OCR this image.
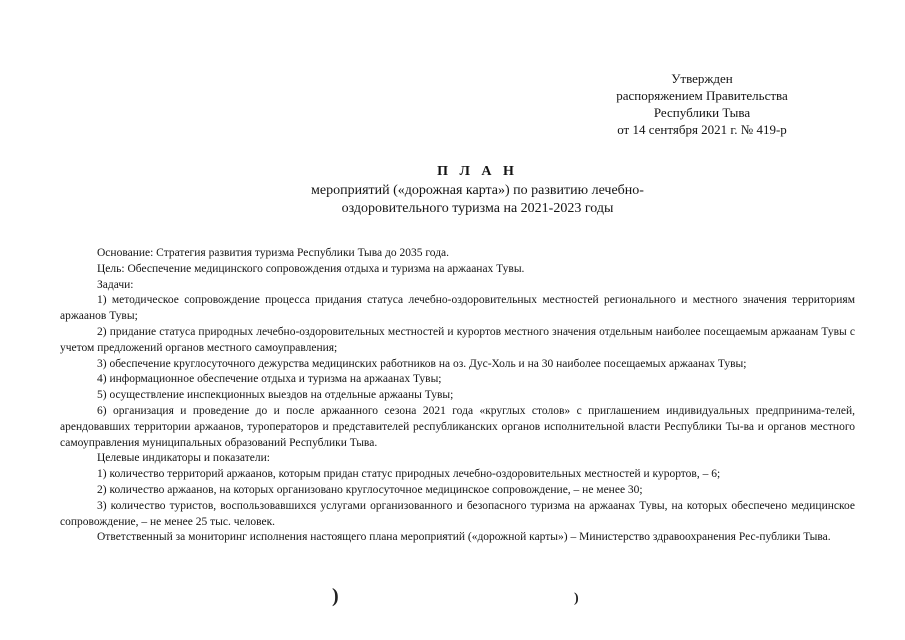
Утвержден
распоряжением Правительства
Республики Тыва
от 14 сентября 2021 г. № 419-р
П Л А Н
мероприятий («дорожная карта») по развитию лечебно-
оздоровительного туризма на 2021-2023 годы

Основание: Стратегия развития туризма Республики Тыва до 2035 года.

Цель: Обеспечение медицинского сопровождения отдыха и туризма на аржаанах Тувы.

Задачи:

1) методическое сопровождение процесса придания статуса лечебно-оздоровительных местностей регионального и местного значения территориям аржаанов Тувы;

2) придание статуса природных лечебно-оздоровительных местностей и курортов местного значения отдельным наиболее посещаемым аржаанам Тувы с учетом предложений органов местного самоуправления;

3) обеспечение круглосуточного дежурства медицинских работников на оз. Дус-Холь и на 30 наиболее посещаемых аржаанах Тувы;

4) информационное обеспечение отдыха и туризма на аржаанах Тувы;

5) осуществление инспекционных выездов на отдельные аржааны Тувы;

6) организация и проведение до и после аржаанного сезона 2021 года «круглых столов» с приглашением индивидуальных предпринима-телей, арендовавших территории аржаанов, туроператоров и представителей республиканских органов исполнительной власти Республики Ты-ва и органов местного самоуправления муниципальных образований Республики Тыва.

Целевые индикаторы и показатели:

1) количество территорий аржаанов, которым придан статус природных лечебно-оздоровительных местностей и курортов, – 6;

2) количество аржаанов, на которых организовано круглосуточное медицинское сопровождение, – не менее 30;

3) количество туристов, воспользовавшихся услугами организованного и безопасного туризма на аржаанах Тувы, на которых обеспечено медицинское сопровождение, – не менее 25 тыс. человек.

Ответственный за мониторинг исполнения настоящего плана мероприятий («дорожной карты») – Министерство здравоохранения Рес-публики Тыва.

)	)
